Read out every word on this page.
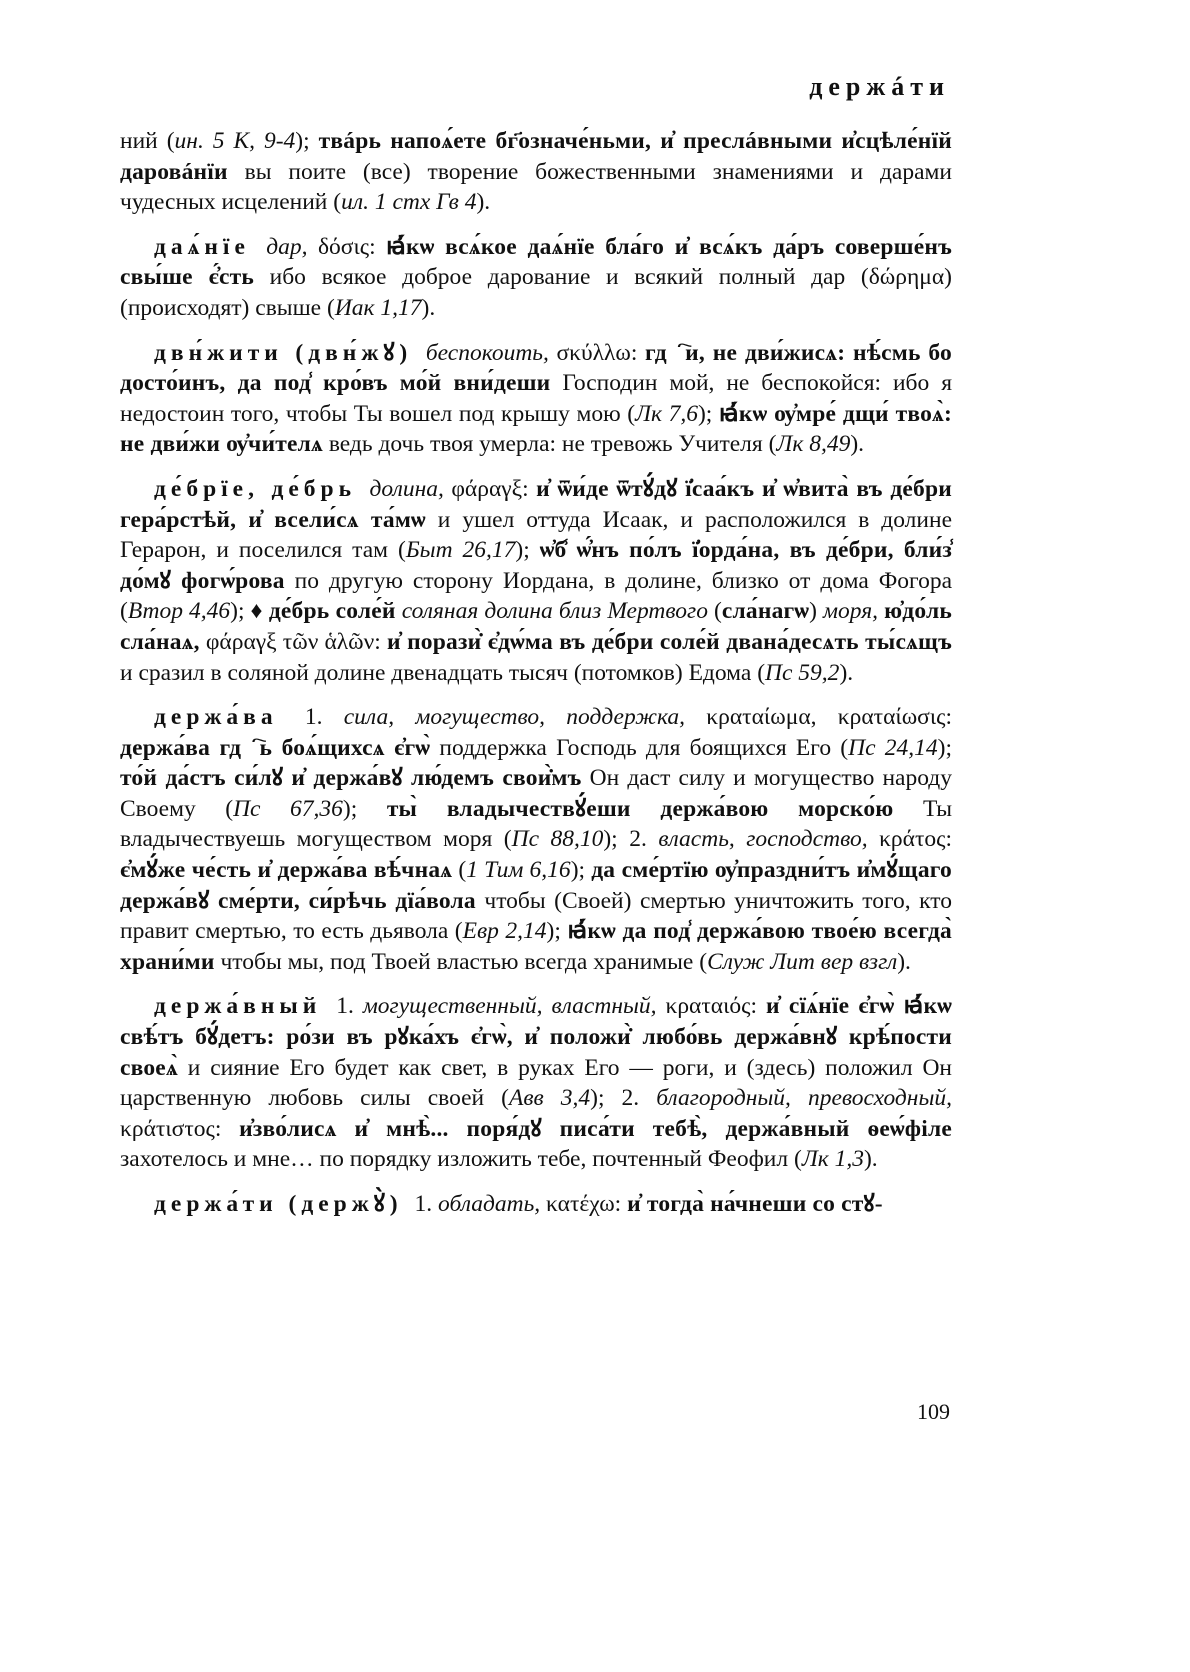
держáти

ний (ин. 5 К, 9-4); твáрь напоѧ́ете бг҃означе́ньми, и҆ преслáвными и҆сцѣле́нїй даровáнїи вы поите (все) творение божественными знамениями и дарами чудесных исцелений (ил. 1 стх Гв 4).

даѧ́нїе дар, δόσις: ꙗ҆́кѡ всѧ́кое даѧ́нїе бла́го и҆ всѧ́къ да́ръ соверше́нъ свы́ше є҆́сть ибо всякое доброе дарование и всякий полный дар (δώρημα) (происходят) свыше (Иак 1,17).

двн́жити (двн́жꙋ) беспокоить, σκύλλω: гдⷭ҇и, не дви́жисѧ: нѣ́смь бо досто́инъ, да под̾ кро́въ мо́й вни́деши Господин мой, не беспокойся: ибо я недостоин того, чтобы Ты вошел под крышу мою (Лк 7,6); ꙗ҆́кѡ ѹ҆мре́ дщи́ твоѧ̀: не дви́жи ѹ҆чи́телѧ ведь дочь твоя умерла: не тревожь Учителя (Лк 8,49).

де́брїе, де́брь долина, φάραγξ: и҆ ѿи́де ѿтꙋ́дꙋ ї҆саа́къ и҆ ѡ҆вита̀ въ де́бри гера́рстѣй, и҆ всели́сѧ та́мѡ и ушел оттуда Исаак, и расположился в долине Герарон, и поселился там (Быт 26,17); ѡ҆б̾ ѡ҆́нъ по́лъ ї҆орда́на, въ де́бри, бли́з̾ до́мꙋ фогѡ́рова по другую сторону Иордана, в долине, близко от дома Фогора (Втор 4,46); ♦ де́брь соле́й соляная долина близ Мертвого (сла́нагѡ) моря, ю҆до́ль сла́наѧ, φάραγξ τῶν ἁλῶν: и҆ порази̇̀ є҆дѡ́ма въ де́бри соле́й двана́десѧть ты́сѧщъ и сразил в соляной долине двенадцать тысяч (потомков) Едома (Пс 59,2).

держа́ва 1. сила, могущество, поддержка, κραταίωμα, κραταίωσις: держа́ва гдⷭ҇ь боѧ́щихсѧ є҆гѡ̀ поддержка Господь для боящихся Его (Пс 24,14); то́й да́стъ си́лꙋ и҆ держа́вꙋ лю́демъ свои̇̀мъ Он даст силу и могущество народу Своему (Пс 67,36); ты̀ владычествꙋ́еши держа́вою морско́ю Ты владычествуешь могуществом моря (Пс 88,10); 2. власть, господство, κράτος: є҆мꙋ́же че́сть и҆ держа́ва вѣ́чнаѧ (1 Тим 6,16); да сме́ртїю ѹ҆праздни́тъ и҆мꙋ́щаго держа́вꙋ сме́рти, си́рѣчь дїа́вола чтобы (Своей) смертью уничтожить того, кто правит смертью, то есть дьявола (Евр 2,14); ꙗ҆́кѡ да под̾ держа́вою твое́ю всегда̀ храни́ми чтобы мы, под Твоей властью всегда хранимые (Служ Лит вер взгл).

держа́вный 1. могущественный, властный, κραταιός: и҆ сїѧ́нїе є҆гѡ̀ ꙗ҆́кѡ свѣ́тъ бꙋ́детъ: ро́зи въ рꙋка́хъ є҆гѡ̀, и҆ положи̇̀ любо́вь держа́внꙋ крѣ́пости своеѧ̀ и сияние Его будет как свет, в руках Его — роги, и (здесь) положил Он царственную любовь силы своей (Авв 3,4); 2. благородный, превосходный, κράτιστος: и҆зво́лисѧ и҆ мнѣ̀... поря́дꙋ писа́ти тебѣ̀, держа́вный ѳеѡ́філе захотелось и мне… по порядку изложить тебе, почтенный Феофил (Лк 1,3).

держа́ти (держꙋ̀) 1. обладать, κατέχω: и҆ тогда̀ на́чнеши со стꙋ-

109
